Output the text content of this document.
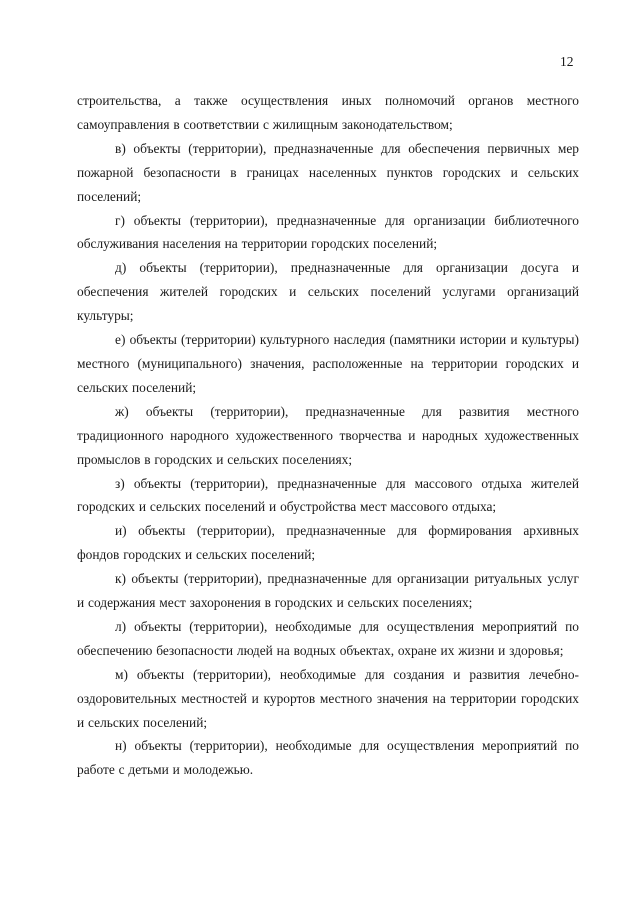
12

строительства, а также осуществления иных полномочий органов местного самоуправления в соответствии с жилищным законодательством;

в) объекты (территории), предназначенные для обеспечения первичных мер пожарной безопасности в границах населенных пунктов городских и сельских поселений;

г) объекты (территории), предназначенные для организации библиотечного обслуживания населения на территории городских поселений;

д) объекты (территории), предназначенные для организации досуга и обеспечения жителей городских и сельских поселений услугами организаций культуры;

е) объекты (территории) культурного наследия (памятники истории и культуры) местного (муниципального) значения, расположенные на территории городских и сельских поселений;

ж) объекты (территории), предназначенные для развития местного традиционного народного художественного творчества и народных художественных промыслов в городских и сельских поселениях;

з) объекты (территории), предназначенные для массового отдыха жителей городских и сельских поселений и обустройства мест массового отдыха;

и) объекты (территории), предназначенные для формирования архивных фондов городских и сельских поселений;

к) объекты (территории), предназначенные для организации ритуальных услуг и содержания мест захоронения в городских и сельских поселениях;

л) объекты (территории), необходимые для осуществления мероприятий по обеспечению безопасности людей на водных объектах, охране их жизни и здоровья;

м) объекты (территории), необходимые для создания и развития лечебно-оздоровительных местностей и курортов местного значения на территории городских и сельских поселений;

н) объекты (территории), необходимые для осуществления мероприятий по работе с детьми и молодежью.
